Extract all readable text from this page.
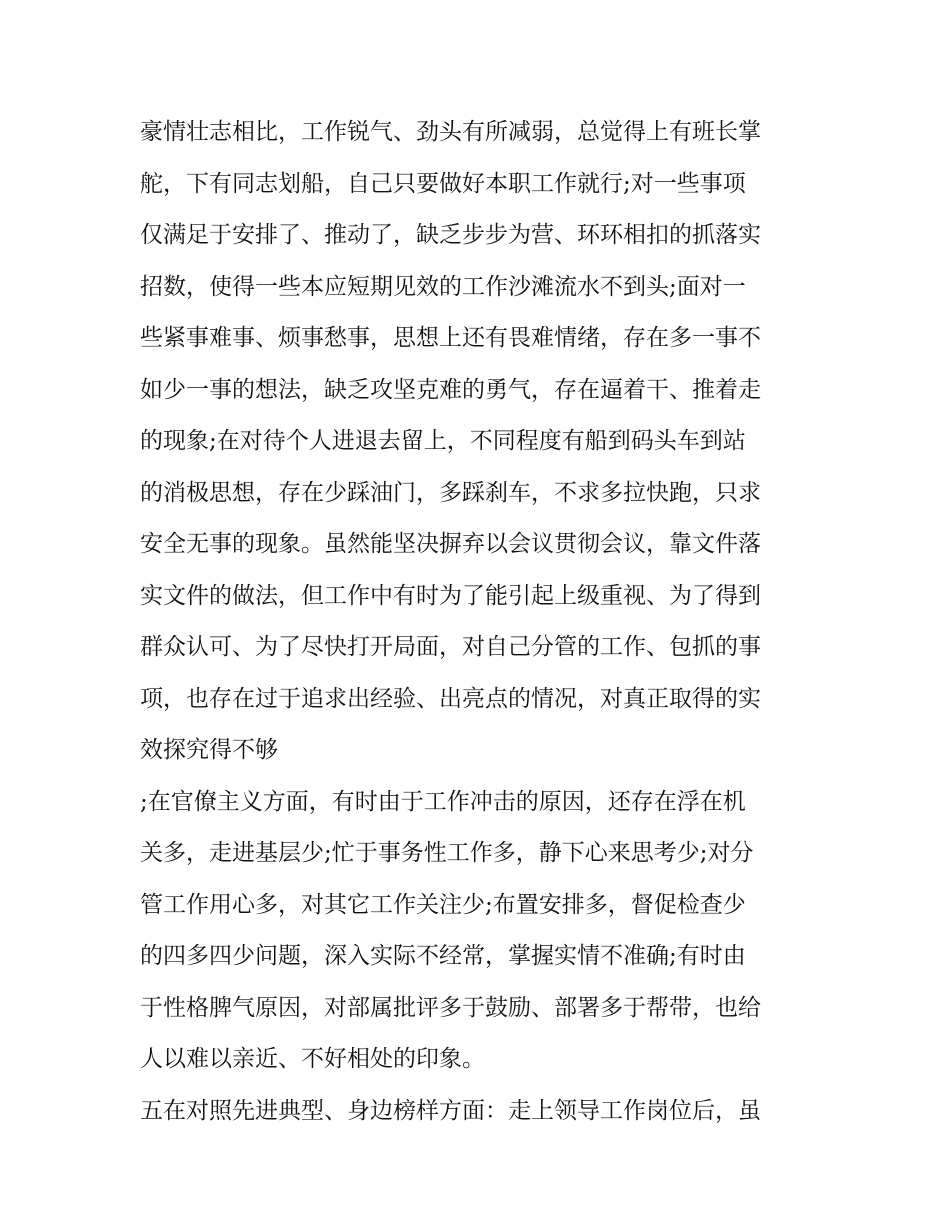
豪情壮志相比，工作锐气、劲头有所减弱，总觉得上有班长掌
舵，下有同志划船，自己只要做好本职工作就行;对一些事项
仅满足于安排了、推动了，缺乏步步为营、环环相扣的抓落实
招数，使得一些本应短期见效的工作沙滩流水不到头;面对一
些紧事难事、烦事愁事，思想上还有畏难情绪，存在多一事不
如少一事的想法，缺乏攻坚克难的勇气，存在逼着干、推着走
的现象;在对待个人进退去留上，不同程度有船到码头车到站
的消极思想，存在少踩油门，多踩刹车，不求多拉快跑，只求
安全无事的现象。虽然能坚决摒弃以会议贯彻会议，靠文件落
实文件的做法，但工作中有时为了能引起上级重视、为了得到
群众认可、为了尽快打开局面，对自己分管的工作、包抓的事
项，也存在过于追求出经验、出亮点的情况，对真正取得的实
效探究得不够
;在官僚主义方面，有时由于工作冲击的原因，还存在浮在机
关多，走进基层少;忙于事务性工作多，静下心来思考少;对分
管工作用心多，对其它工作关注少;布置安排多，督促检查少
的四多四少问题，深入实际不经常，掌握实情不准确;有时由
于性格脾气原因，对部属批评多于鼓励、部署多于帮带，也给
人以难以亲近、不好相处的印象。
五在对照先进典型、身边榜样方面：走上领导工作岗位后，虽
